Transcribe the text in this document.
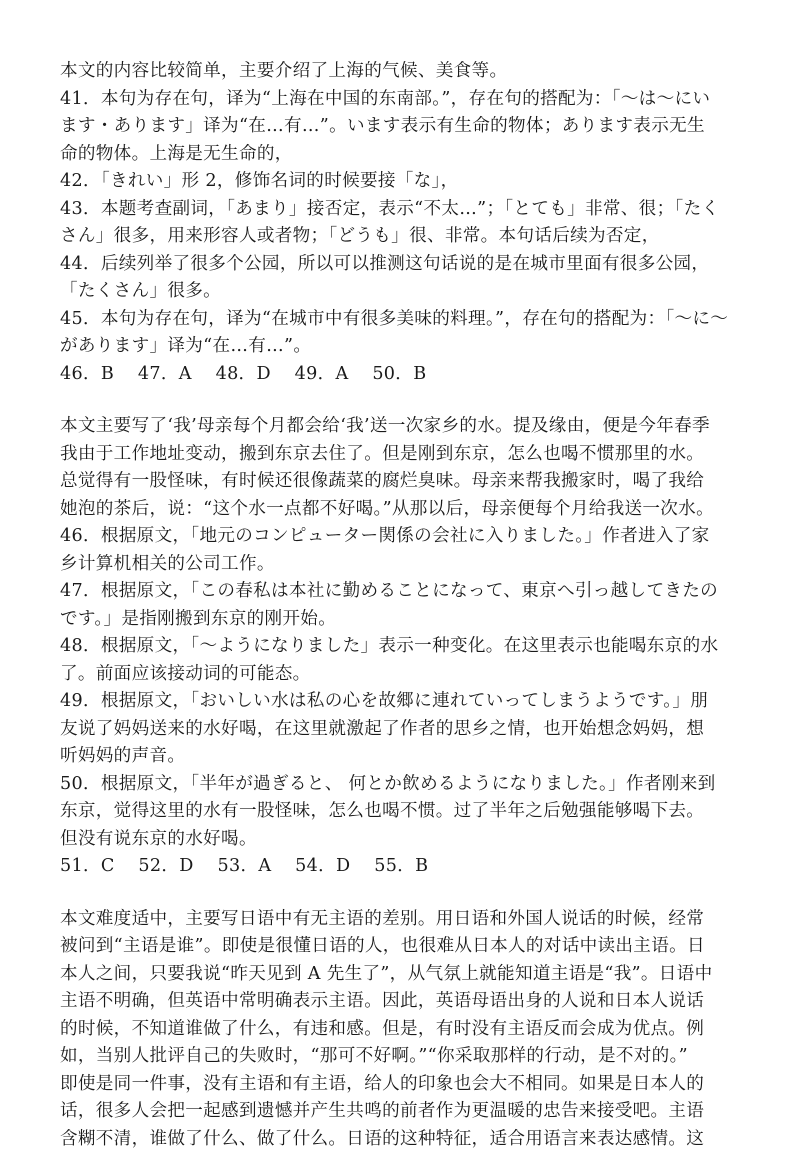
本文的内容比较简单，主要介绍了上海的气候、美食等。
41．本句为存在句，译为“上海在中国的东南部。”，存在句的搭配为：「～は～にい
ます・あります」译为“在…有…”。います表示有生命的物体；あります表示无生
命的物体。上海是无生命的，
42．「きれい」形 2，修饰名词的时候要接「な」，
43．本题考查副词，「あまり」接否定，表示“不太…”；「とても」非常、很；「たく
さん」很多，用来形容人或者物；「どうも」很、非常。本句话后续为否定，
44．后续列举了很多个公园，所以可以推测这句话说的是在城市里面有很多公园，
「たくさん」很多。
45．本句为存在句，译为“在城市中有很多美味的料理。”，存在句的搭配为：「～に～
があります」译为“在…有…”。
46．B　 47．A　 48．D　 49．A　 50．B
本文主要写了‘我’母亲每个月都会给‘我’送一次家乡的水。提及缘由，便是今年春季
我由于工作地址变动，搬到东京去住了。但是刚到东京，怎么也喝不惯那里的水。
总觉得有一股怪味，有时候还很像蔬菜的腐烂臭味。母亲来帮我搬家时，喝了我给
她泡的茶后，说：“这个水一点都不好喝。”从那以后，母亲便每个月给我送一次水。
46．根据原文，「地元のコンピューター関係の会社に入りました。」作者进入了家
乡计算机相关的公司工作。
47．根据原文，「この春私は本社に勤めることになって、東京へ引っ越してきたの
です。」是指刚搬到东京的刚开始。
48．根据原文，「～ようになりました」表示一种变化。在这里表示也能喝东京的水
了。前面应该接动词的可能态。
49．根据原文，「おいしい水は私の心を故郷に連れていってしまうようです。」朋
友说了妈妈送来的水好喝，在这里就激起了作者的思乡之情，也开始想念妈妈，想
听妈妈的声音。
50．根据原文，「半年が過ぎると、 何とか飲めるようになりました。」作者刚来到
东京，觉得这里的水有一股怪味，怎么也喝不惯。过了半年之后勉强能够喝下去。
但没有说东京的水好喝。
51．C　 52．D　 53．A　 54．D　 55．B
本文难度适中，主要写日语中有无主语的差别。用日语和外国人说话的时候，经常
被问到“主语是谁”。即使是很懂日语的人，也很难从日本人的对话中读出主语。日
本人之间，只要我说“昨天见到 A 先生了”，从气氛上就能知道主语是“我”。日语中
主语不明确，但英语中常明确表示主语。因此，英语母语出身的人说和日本人说话
的时候，不知道谁做了什么，有违和感。但是，有时没有主语反而会成为优点。例
如，当别人批评自己的失败时，“那可不好啊。”“你采取那样的行动，是不对的。”
即使是同一件事，没有主语和有主语，给人的印象也会大不相同。如果是日本人的
话，很多人会把一起感到遗憾并产生共鸣的前者作为更温暖的忠告来接受吧。主语
含糊不清，谁做了什么、做了什么。日语的这种特征，适合用语言来表达感情。这
